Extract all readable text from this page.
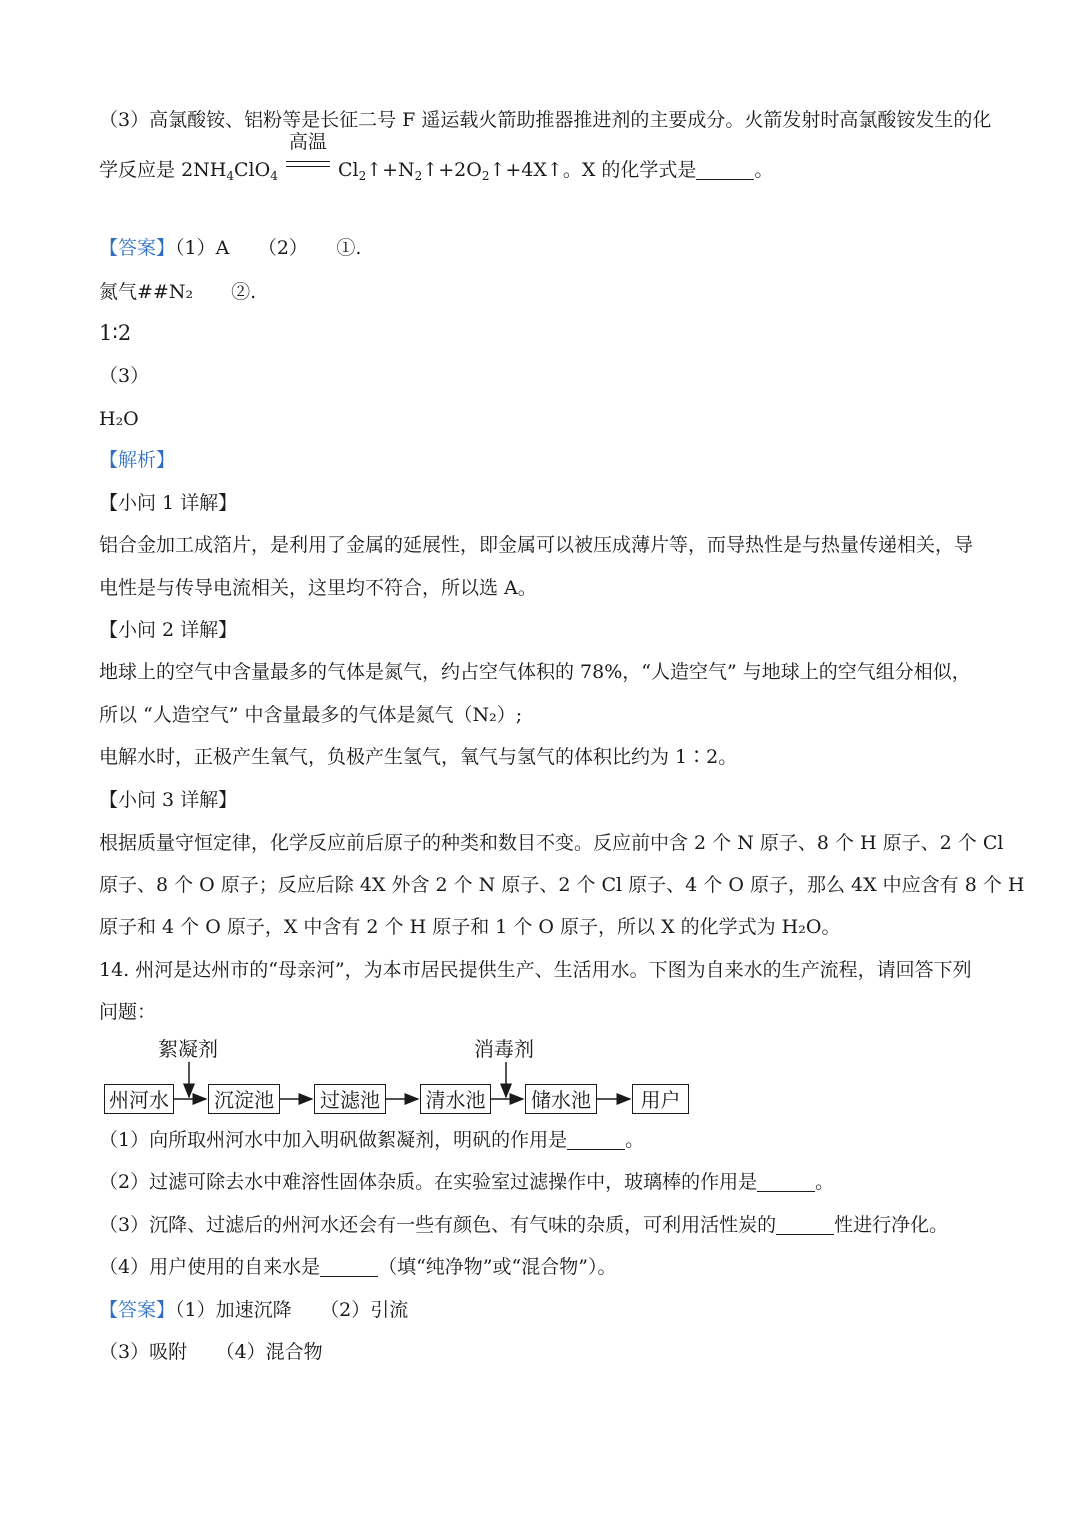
（3）高氯酸铵、铝粉等是长征二号 F 遥运载火箭助推器推进剂的主要成分。火箭发射时高氯酸铵发生的化
学反应是 $2NH_4ClO_4$
高温
$Cl_2↑+N_2↑+2O_2↑+4X↑$。X 的化学式是	。
【答案】（1）A　　（2）　　①.
氮气##N₂　　②.
1∶2
（3）
H₂O
【解析】
【小问 1 详解】
铝合金加工成箔片，是利用了金属的延展性，即金属可以被压成薄片等，而导热性是与热量传递相关，导
电性是与传导电流相关，这里均不符合，所以选 A。
【小问 2 详解】
地球上的空气中含量最多的气体是氮气，约占空气体积的 78%，“人造空气” 与地球上的空气组分相似，
所以 “人造空气” 中含量最多的气体是氮气（N₂）;
电解水时，正极产生氧气，负极产生氢气，氧气与氢气的体积比约为 1∶2。
【小问 3 详解】
根据质量守恒定律，化学反应前后原子的种类和数目不变。反应前中含 2 个 N 原子、8 个 H 原子、2 个 Cl
原子、8 个 O 原子；反应后除 4X 外含 2 个 N 原子、2 个 Cl 原子、4 个 O 原子，那么 4X 中应含有 8 个 H
原子和 4 个 O 原子，X 中含有 2 个 H 原子和 1 个 O 原子，所以 X 的化学式为 H₂O。
14. 州河是达州市的“母亲河”，为本市居民提供生产、生活用水。下图为自来水的生产流程，请回答下列
问题：
絮凝剂	消毒剂
州河水	沉淀池	过滤池	清水池	储水池	用户
（1）向所取州河水中加入明矾做絮凝剂，明矾的作用是	。
（2）过滤可除去水中难溶性固体杂质。在实验室过滤操作中，玻璃棒的作用是	。
（3）沉降、过滤后的州河水还会有一些有颜色、有气味的杂质，可利用活性炭的	性进行净化。
（4）用户使用的自来水是	（填“纯净物”或“混合物”）。
【答案】（1）加速沉降　　（2）引流
（3）吸附　　（4）混合物
